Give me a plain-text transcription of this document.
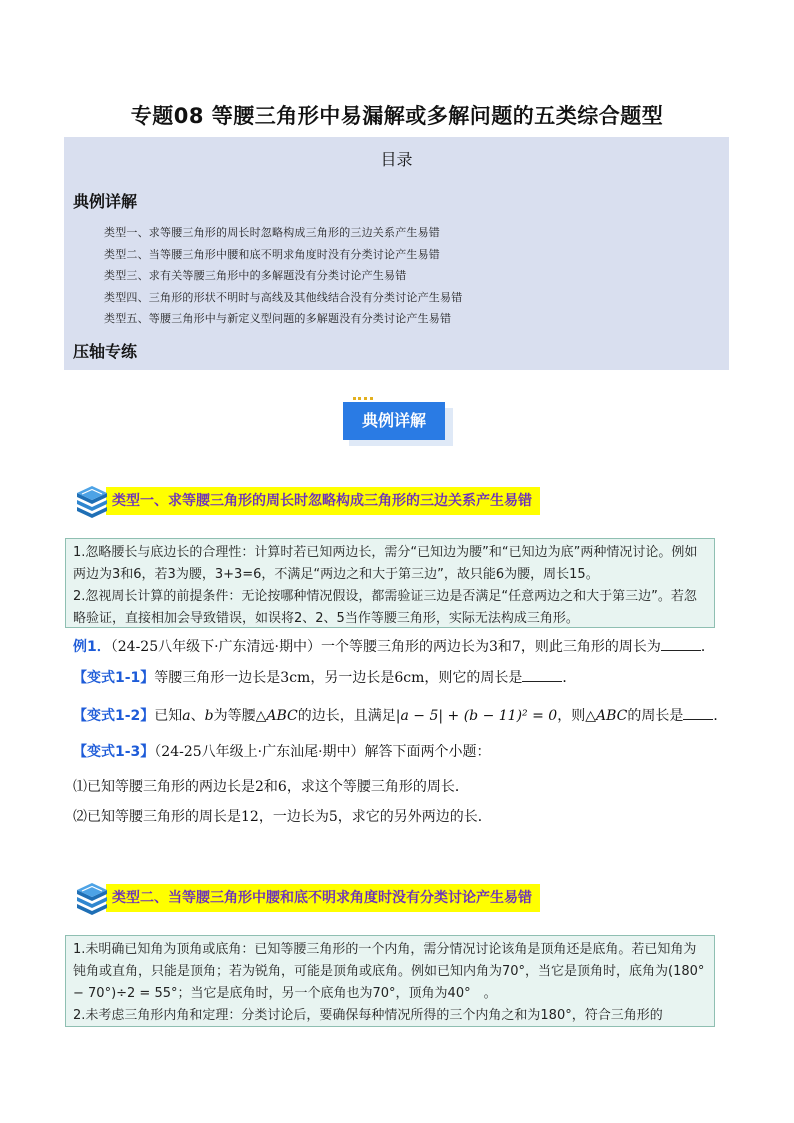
专题08 等腰三角形中易漏解或多解问题的五类综合题型
目录
典例详解
类型一、求等腰三角形的周长时忽略构成三角形的三边关系产生易错
类型二、当等腰三角形中腰和底不明求角度时没有分类讨论产生易错
类型三、求有关等腰三角形中的多解题没有分类讨论产生易错
类型四、三角形的形状不明时与高线及其他线结合没有分类讨论产生易错
类型五、等腰三角形中与新定义型问题的多解题没有分类讨论产生易错
压轴专练
典例详解
类型一、求等腰三角形的周长时忽略构成三角形的三边关系产生易错
1.忽略腰长与底边长的合理性：计算时若已知两边长，需分“已知边为腰”和“已知边为底”两种情况讨论。例如两边为3和6，若3为腰，3+3=6，不满足“两边之和大于第三边”，故只能6为腰，周长15。
2.忽视周长计算的前提条件：无论按哪种情况假设，都需验证三边是否满足“任意两边之和大于第三边”。若忽略验证，直接相加会导致错误，如误将2、2、5当作等腰三角形，实际无法构成三角形。
例1．（24-25八年级下·广东清远·期中）一个等腰三角形的两边长为3和7，则此三角形的周长为	．
【变式1-1】等腰三角形一边长是3cm，另一边长是6cm，则它的周长是	．
【变式1-2】已知a、b为等腰△ABC的边长，且满足|a − 5| + (b − 11)² = 0，则△ABC的周长是 ．
【变式1-3】（24-25八年级上·广东汕尾·期中）解答下面两个小题：
⑴已知等腰三角形的两边长是2和6，求这个等腰三角形的周长．
⑵已知等腰三角形的周长是12，一边长为5，求它的另外两边的长．
类型二、当等腰三角形中腰和底不明求角度时没有分类讨论产生易错
1.未明确已知角为顶角或底角：已知等腰三角形的一个内角，需分情况讨论该角是顶角还是底角。若已知角为钝角或直角，只能是顶角；若为锐角，可能是顶角或底角。例如已知内角为70°，当它是顶角时，底角为(180° − 70°)÷2 = 55°；当它是底角时，另一个底角也为70°，顶角为40°　。
2.未考虑三角形内角和定理：分类讨论后，要确保每种情况所得的三个内角之和为180°，符合三角形的
